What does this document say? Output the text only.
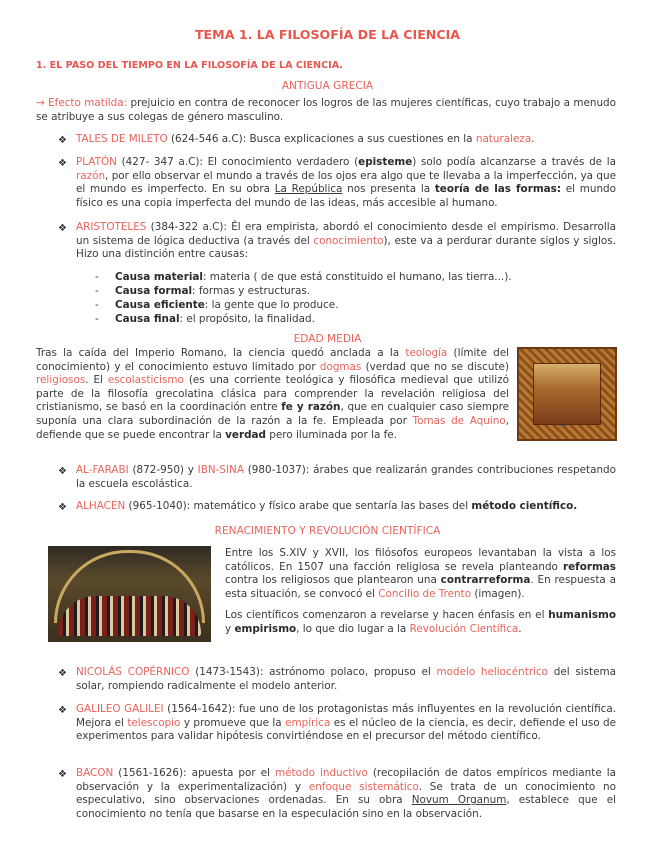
TEMA 1. LA FILOSOFÍA DE LA CIENCIA
1. EL PASO DEL TIEMPO EN LA FILOSOFÍA DE LA CIENCIA.
ANTIGUA GRECIA
→ Efecto matilda: prejuicio en contra de reconocer los logros de las mujeres científicas, cuyo trabajo a menudo se atribuye a sus colegas de género masculino.
❖ TALES DE MILETO (624-546 a.C): Busca explicaciones a sus cuestiones en la naturaleza.
❖ PLATÓN (427- 347 a.C): El conocimiento verdadero (episteme) solo podía alcanzarse a través de la razón, por ello observar el mundo a través de los ojos era algo que te llevaba a la imperfección, ya que el mundo es imperfecto. En su obra La República nos presenta la teoría de las formas: el mundo físico es una copia imperfecta del mundo de las ideas, más accesible al humano.
❖ ARISTOTELES (384-322 a.C): Él era empirista, abordó el conocimiento desde el empirismo. Desarrolla un sistema de lógica deductiva (a través del conocimiento), este va a perdurar durante siglos y siglos. Hizo una distinción entre causas:
- Causa material: materia ( de que está constituido el humano, las tierra...).
- Causa formal: formas y estructuras.
- Causa eficiente: la gente que lo produce.
- Causa final: el propósito, la finalidad.
EDAD MEDIA
Tras la caída del Imperio Romano, la ciencia quedó anclada a la teología (límite del conocimiento) y el conocimiento estuvo limitado por dogmas (verdad que no se discute) religiosos. El escolasticismo (es una corriente teológica y filosófica medieval que utilizó parte de la filosofía grecolatina clásica para comprender la revelación religiosa del cristianismo, se basó en la coordinación entre fe y razón, que en cualquier caso siempre suponía una clara subordinación de la razón a la fe. Empleada por Tomas de Aquino, defiende que se puede encontrar la verdad pero iluminada por la fe.
❖ AL-FARABI (872-950) y IBN-SINA (980-1037): árabes que realizarán grandes contribuciones respetando la escuela escolástica.
❖ ALHACEN (965-1040): matemático y físico arabe que sentaría las bases del método científico.
RENACIMIENTO Y REVOLUCIÓN CIENTÍFICA
Entre los S.XIV y XVII, los filósofos europeos levantaban la vista a los católicos. En 1507 una facción religiosa se revela planteando reformas contra los religiosos que plantearon una contrarreforma. En respuesta a esta situación, se convocó el Concilio de Trento (imagen).
Los científicos comenzaron a revelarse y hacen énfasis en el humanismo y empirismo, lo que dio lugar a la Revolución Científica.
❖ NICOLÁS COPÉRNICO (1473-1543): astrónomo polaco, propuso el modelo heliocéntrico del sistema solar, rompiendo radicalmente el modelo anterior.
❖ GALILEO GALILEI (1564-1642): fue uno de los protagonistas más influyentes en la revolución científica. Mejora el telescopio y promueve que la empírica es el núcleo de la ciencia, es decir, defiende el uso de experimentos para validar hipótesis convirtiéndose en el precursor del método científico.
❖ BACON (1561-1626): apuesta por el método inductivo (recopilación de datos empíricos mediante la observación y la experimentalización) y enfoque sistemático. Se trata de un conocimiento no especulativo, sino observaciones ordenadas. En su obra Novum Organum, establece que el conocimiento no tenía que basarse en la especulación sino en la observación.
